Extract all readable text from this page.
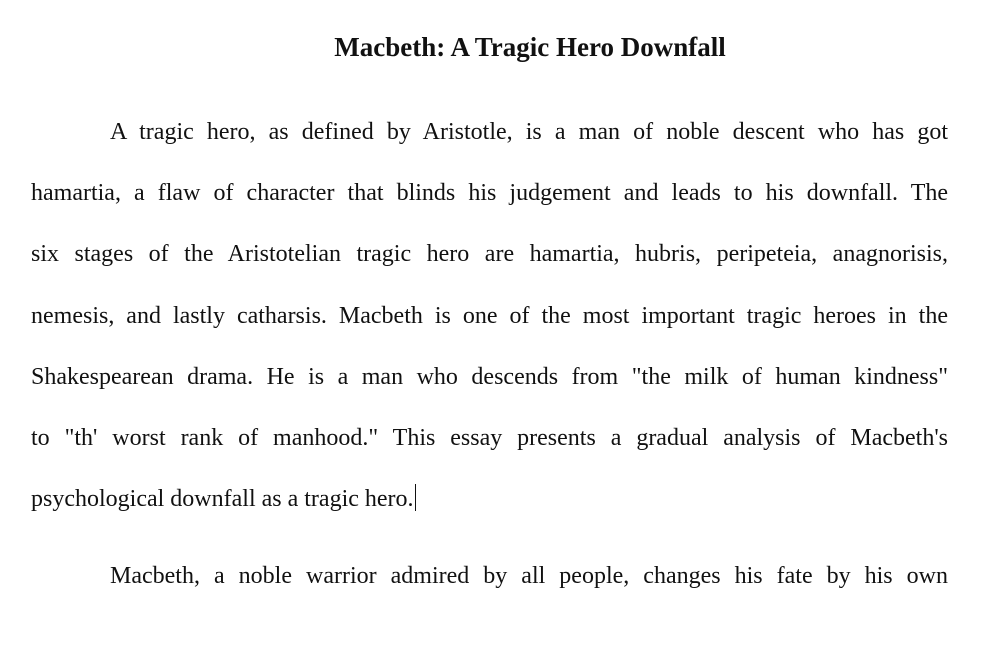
Macbeth: A Tragic Hero Downfall
A tragic hero, as defined by Aristotle, is a man of noble descent who has got
hamartia, a flaw of character that blinds his judgement and leads to his downfall. The
six stages of the Aristotelian tragic hero are hamartia, hubris, peripeteia, anagnorisis,
nemesis, and lastly catharsis. Macbeth is one of the most important tragic heroes in the
Shakespearean drama. He is a man who descends from "the milk of human kindness"
to "th' worst rank of manhood." This essay presents a gradual analysis of Macbeth's
psychological downfall as a tragic hero.
Macbeth, a noble warrior admired by all people, changes his fate by his own
